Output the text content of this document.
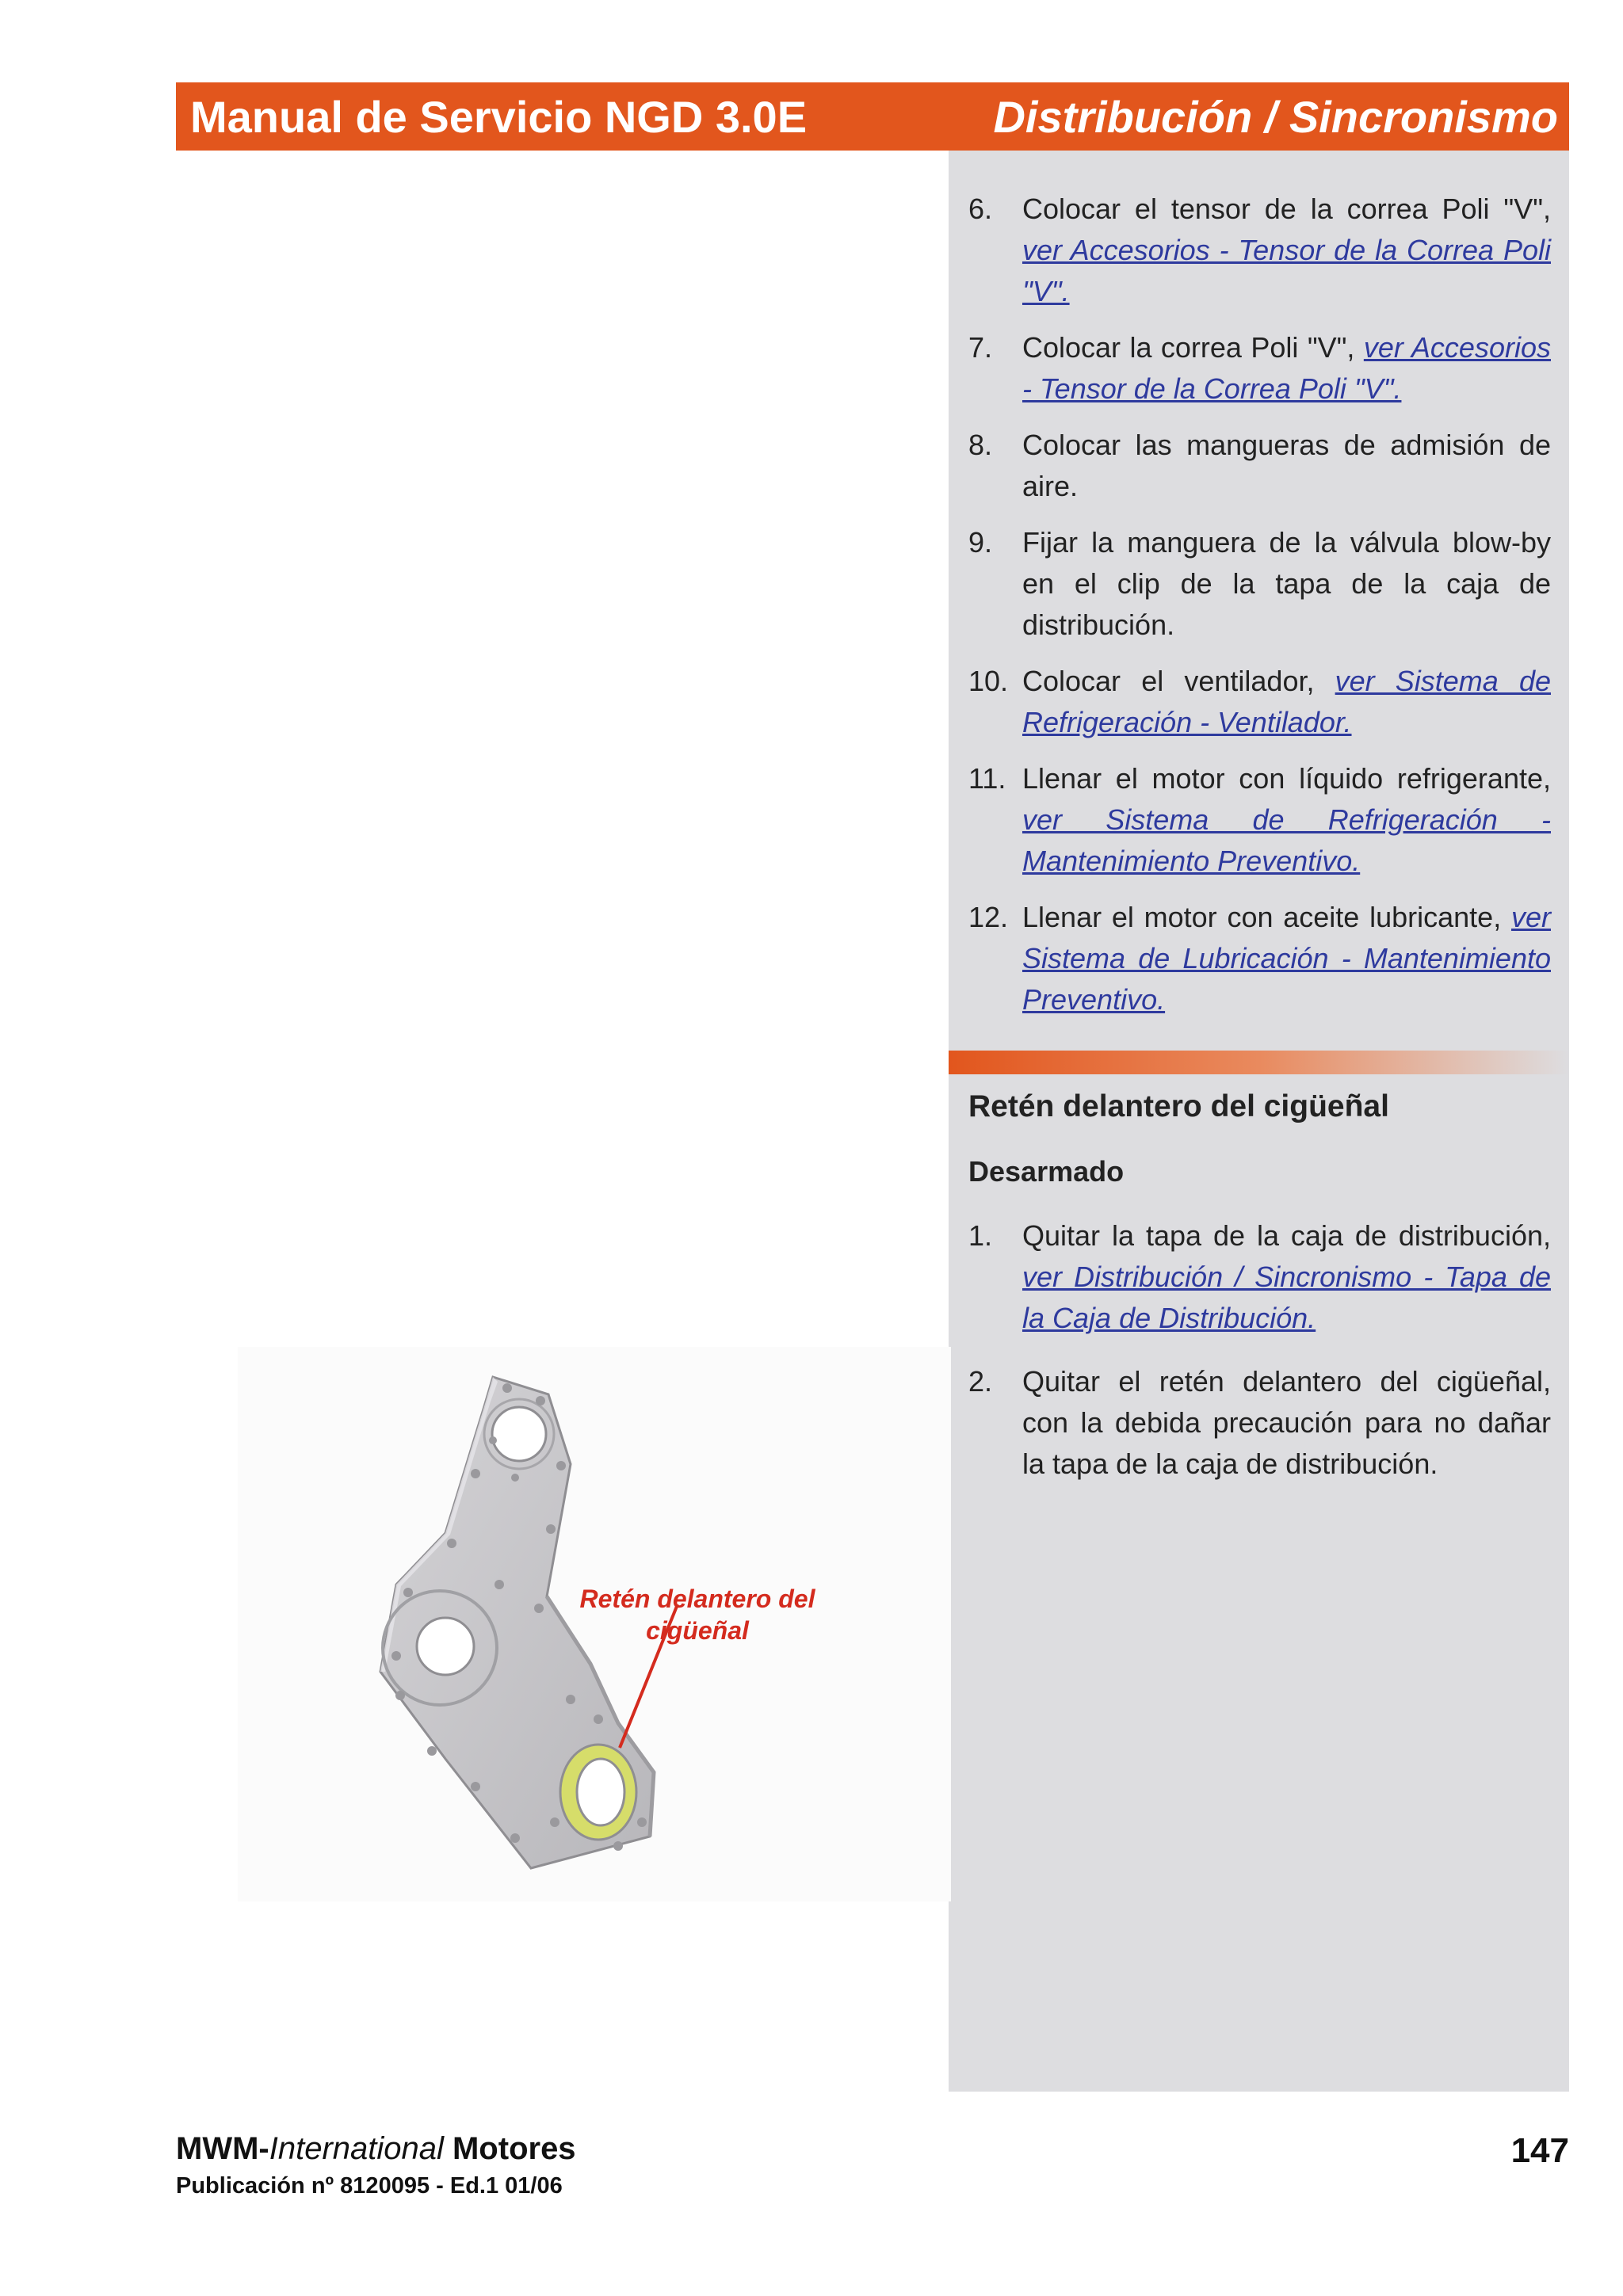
Manual de Servicio NGD 3.0E	Distribución / Sincronismo
6.	Colocar el tensor de la correa Poli "V", ver Accesorios - Tensor de la Correa Poli "V".
7.	Colocar la correa Poli "V", ver Accesorios - Tensor de la Correa Poli "V".
8.	Colocar las mangueras de admisión de aire.
9.	Fijar la manguera de la válvula blow-by en el clip de la tapa de la caja de distribución.
10. Colocar el ventilador, ver Sistema de Refrigeración - Ventilador.
11. Llenar el motor con líquido refrigerante, ver Sistema de Refrigeración - Mantenimiento Preventivo.
12. Llenar el motor con aceite lubricante, ver Sistema de Lubricación - Mantenimiento Preventivo.
Retén delantero del cigüeñal
Desarmado
1.	Quitar la tapa de la caja de distribución, ver Distribución / Sincronismo - Tapa de la Caja de Distribución.
2.	Quitar el retén delantero del cigüeñal, con la debida precaución para no dañar la tapa de la caja de distribución.
Retén delantero del
cigüeñal
MWM-International Motores
Publicación nº 8120095 - Ed.1 01/06
147
